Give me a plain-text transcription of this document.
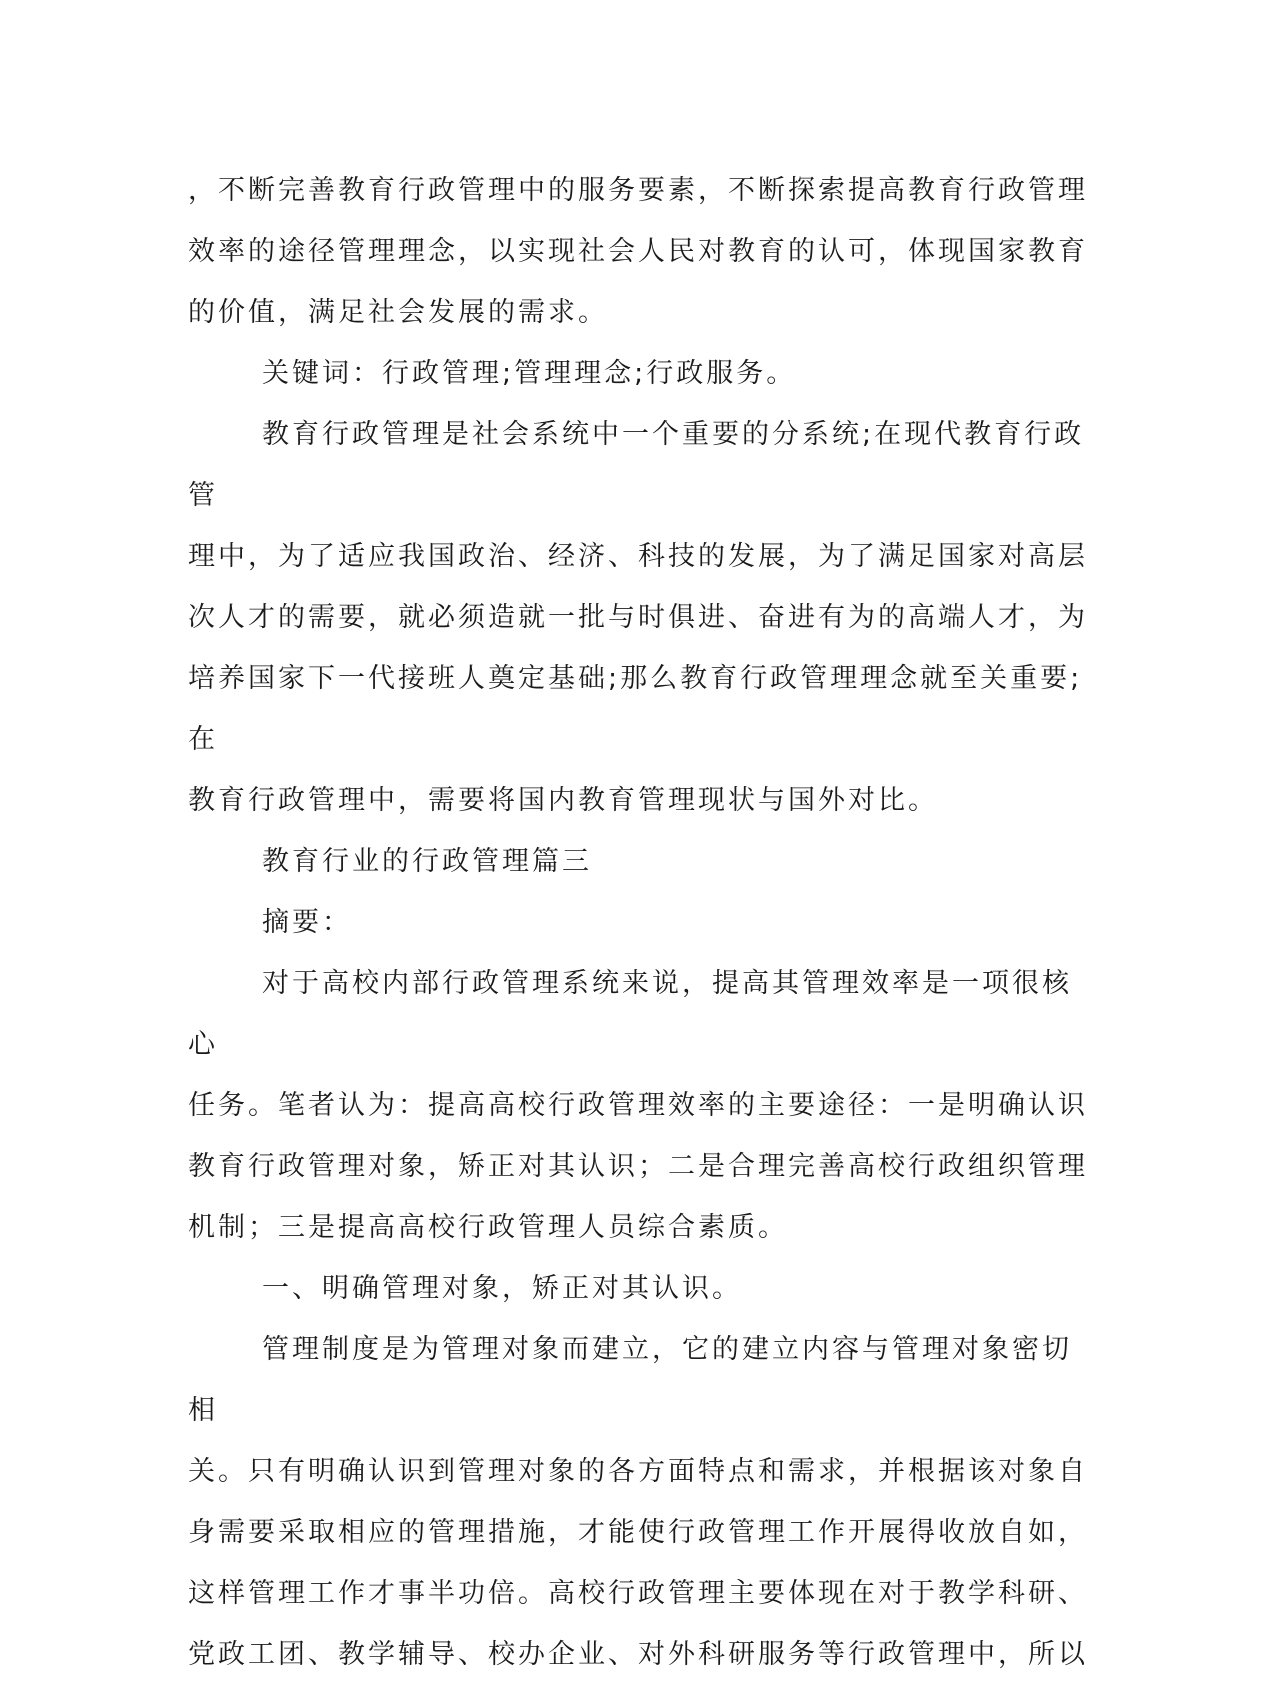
，不断完善教育行政管理中的服务要素，不断探索提高教育行政管理
效率的途径管理理念，以实现社会人民对教育的认可，体现国家教育
的价值，满足社会发展的需求。

关键词：行政管理;管理理念;行政服务。

教育行政管理是社会系统中一个重要的分系统;在现代教育行政管
理中，为了适应我国政治、经济、科技的发展，为了满足国家对高层
次人才的需要，就必须造就一批与时俱进、奋进有为的高端人才，为
培养国家下一代接班人奠定基础;那么教育行政管理理念就至关重要;在
教育行政管理中，需要将国内教育管理现状与国外对比。

教育行业的行政管理篇三

摘要：

对于高校内部行政管理系统来说，提高其管理效率是一项很核心
任务。笔者认为：提高高校行政管理效率的主要途径：一是明确认识
教育行政管理对象，矫正对其认识；二是合理完善高校行政组织管理
机制；三是提高高校行政管理人员综合素质。

一、明确管理对象，矫正对其认识。

管理制度是为管理对象而建立，它的建立内容与管理对象密切相
关。只有明确认识到管理对象的各方面特点和需求，并根据该对象自
身需要采取相应的管理措施，才能使行政管理工作开展得收放自如，
这样管理工作才事半功倍。高校行政管理主要体现在对于教学科研、
党政工团、教学辅导、校办企业、对外科研服务等行政管理中，所以
